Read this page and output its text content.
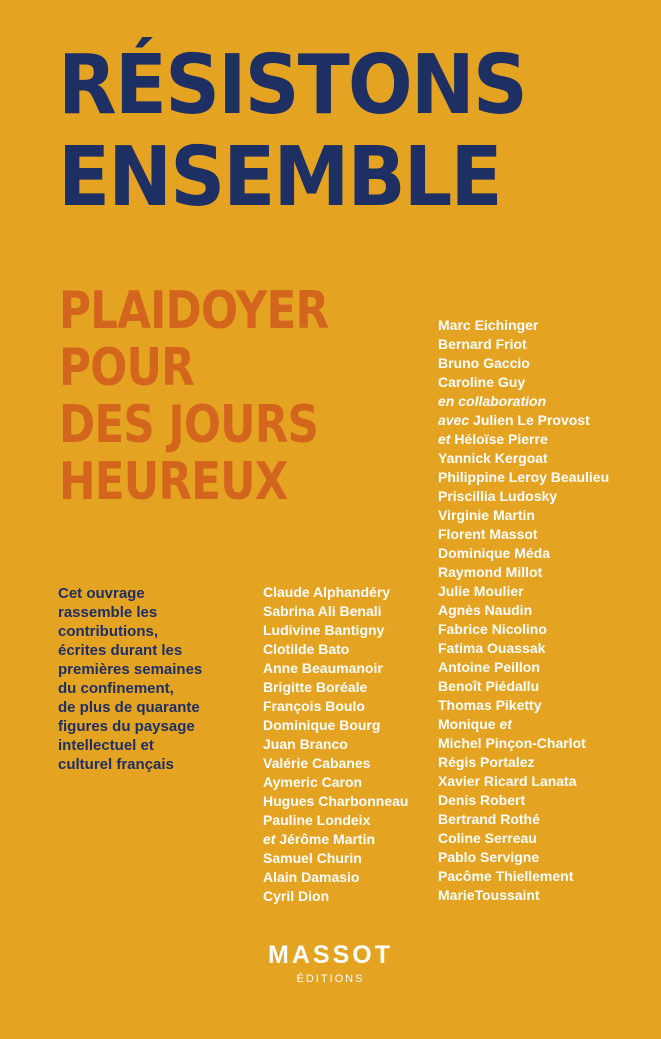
RÉSISTONS
ENSEMBLE
PLAIDOYER
POUR
DES JOURS
HEUREUX
Cet ouvrage
rassemble les
contributions,
écrites durant les
premières semaines
du confinement,
de plus de quarante
figures du paysage
intellectuel et
culturel français
Claude Alphandéry
Sabrina Ali Benali
Ludivine Bantigny
Clotilde Bato
Anne Beaumanoir
Brigitte Boréale
François Boulo
Dominique Bourg
Juan Branco
Valérie Cabanes
Aymeric Caron
Hugues Charbonneau
Pauline Londeix
et Jérôme Martin
Samuel Churin
Alain Damasio
Cyril Dion
Marc Eichinger
Bernard Friot
Bruno Gaccio
Caroline Guy
en collaboration
avec Julien Le Provost
et Héloïse Pierre
Yannick Kergoat
Philippine Leroy Beaulieu
Priscillia Ludosky
Virginie Martin
Florent Massot
Dominique Méda
Raymond Millot
Julie Moulier
Agnès Naudin
Fabrice Nicolino
Fatima Ouassak
Antoine Peillon
Benoît Piédallu
Thomas Piketty
Monique et
Michel Pinçon-Charlot
Régis Portalez
Xavier Ricard Lanata
Denis Robert
Bertrand Rothé
Coline Serreau
Pablo Servigne
Pacôme Thiellement
MarieToussaint
MASSOT
ÉDITIONS
